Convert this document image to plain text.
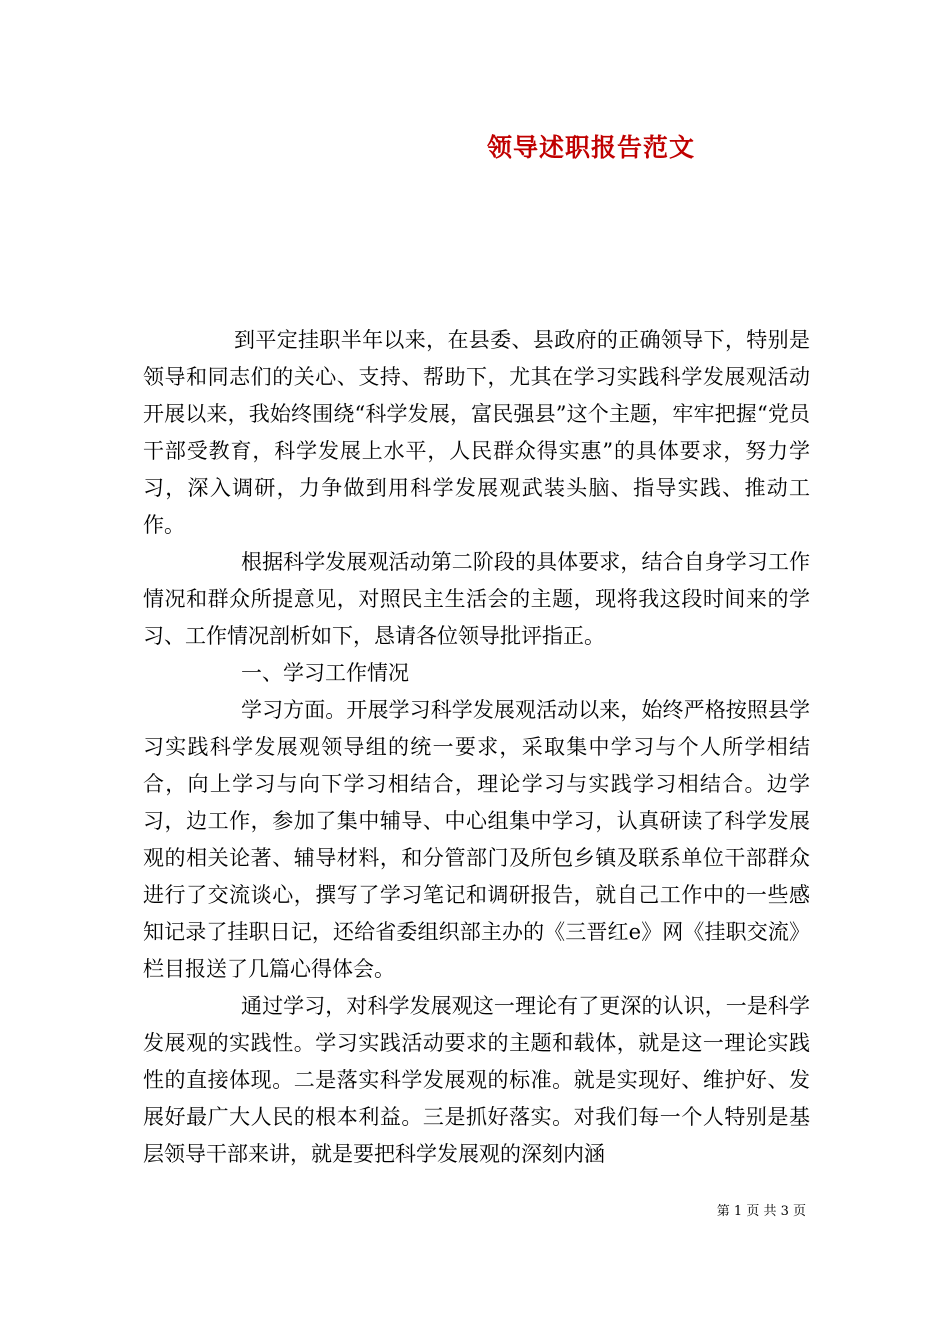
领导述职报告范文

到平定挂职半年以来，在县委、县政府的正确领导下，特别是领导和同志们的关心、支持、帮助下，尤其在学习实践科学发展观活动开展以来，我始终围绕“科学发展，富民强县”这个主题，牢牢把握“党员干部受教育，科学发展上水平，人民群众得实惠”的具体要求，努力学习，深入调研，力争做到用科学发展观武装头脑、指导实践、推动工作。

根据科学发展观活动第二阶段的具体要求，结合自身学习工作情况和群众所提意见，对照民主生活会的主题，现将我这段时间来的学习、工作情况剖析如下，恳请各位领导批评指正。

一、学习工作情况

学习方面。开展学习科学发展观活动以来，始终严格按照县学习实践科学发展观领导组的统一要求，采取集中学习与个人所学相结合，向上学习与向下学习相结合，理论学习与实践学习相结合。边学习，边工作，参加了集中辅导、中心组集中学习，认真研读了科学发展观的相关论著、辅导材料，和分管部门及所包乡镇及联系单位干部群众进行了交流谈心，撰写了学习笔记和调研报告，就自己工作中的一些感知记录了挂职日记，还给省委组织部主办的《三晋红e》网《挂职交流》栏目报送了几篇心得体会。

通过学习，对科学发展观这一理论有了更深的认识，一是科学发展观的实践性。学习实践活动要求的主题和载体，就是这一理论实践性的直接体现。二是落实科学发展观的标准。就是实现好、维护好、发展好最广大人民的根本利益。三是抓好落实。对我们每一个人特别是基层领导干部来讲，就是要把科学发展观的深刻内涵

第 1 页 共 3 页
